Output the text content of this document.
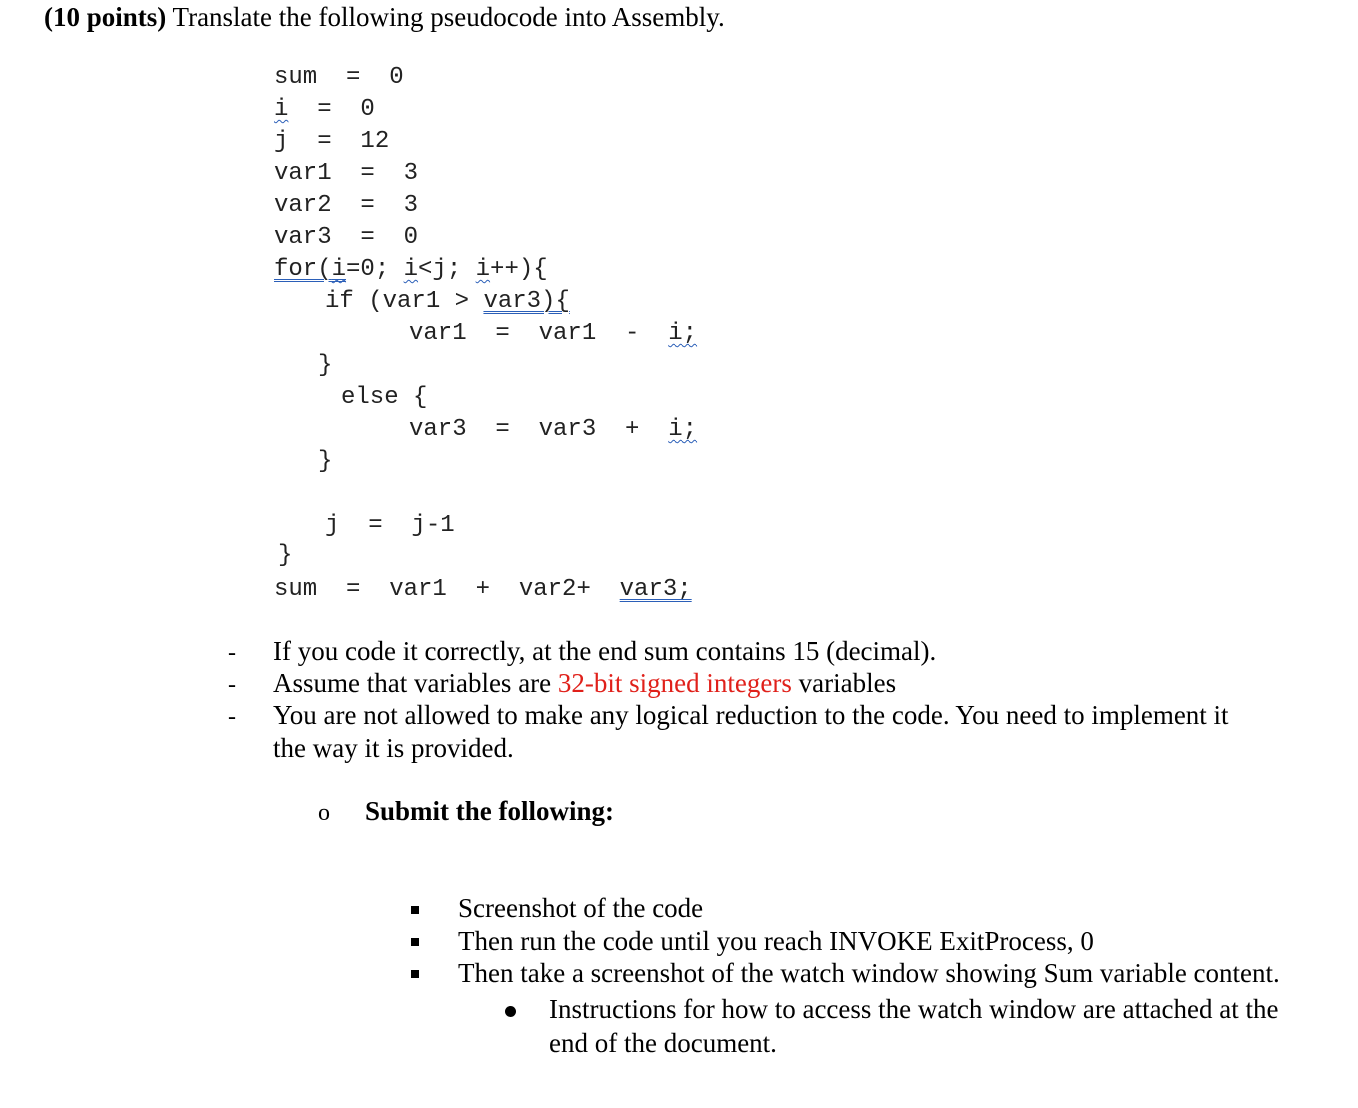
(10 points) Translate the following pseudocode into Assembly.
sum  =  0
i  =  0
j  =  12
var1  =  3
var2  =  3
var3  =  0
for(i=0; i<j; i++){
if (var1 > var3){
var1  =  var1  -  i;
}
else {
var3  =  var3  +  i;
}
j  =  j-1
}
sum  =  var1  +  var2+  var3;
- If you code it correctly, at the end sum contains 15 (decimal).
- Assume that variables are 32-bit signed integers variables
- You are not allowed to make any logical reduction to the code. You need to implement it
the way it is provided.
o Submit the following:
Screenshot of the code
Then run the code until you reach INVOKE ExitProcess, 0
Then take a screenshot of the watch window showing Sum variable content.
Instructions for how to access the watch window are attached at the
end of the document.
